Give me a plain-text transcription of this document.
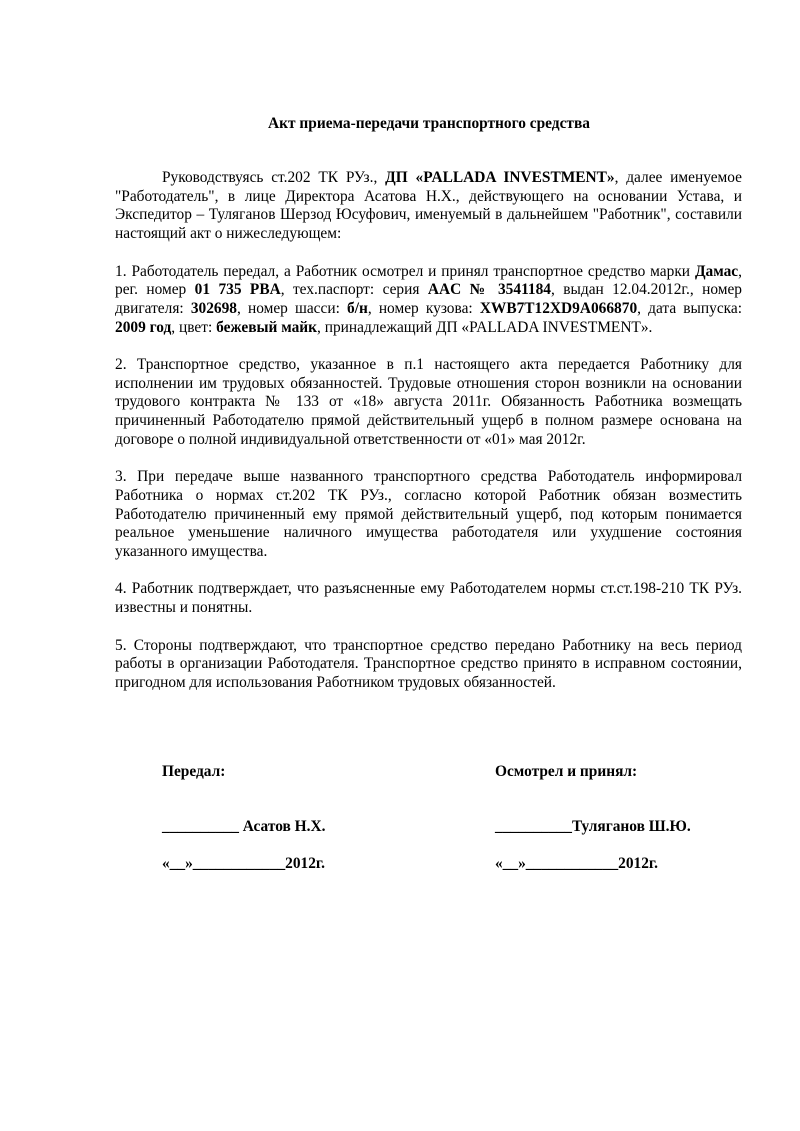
Акт приема-передачи транспортного средства

Руководствуясь ст.202 ТК РУз., ДП «PALLADA INVESTMENT», далее именуемое "Работодатель", в лице Директора Асатова Н.Х., действующего на основании Устава, и Экспедитор – Туляганов Шерзод Юсуфович, именуемый в дальнейшем "Работник", составили настоящий акт о нижеследующем:

1. Работодатель передал, а Работник осмотрел и принял транспортное средство марки Дамас, рег. номер 01 735 PBA, тех.паспорт: серия AAC № 3541184, выдан 12.04.2012г., номер двигателя: 302698, номер шасси: б/н, номер кузова: XWB7T12XD9A066870, дата выпуска: 2009 год, цвет: бежевый майк, принадлежащий ДП «PALLADA INVESTMENT».

2. Транспортное средство, указанное в п.1 настоящего акта передается Работнику для исполнении им трудовых обязанностей. Трудовые отношения сторон возникли на основании трудового контракта № 133 от «18» августа 2011г. Обязанность Работника возмещать причиненный Работодателю прямой действительный ущерб в полном размере основана на договоре о полной индивидуальной ответственности от «01» мая 2012г.

3. При передаче выше названного транспортного средства Работодатель информировал Работника о нормах ст.202 ТК РУз., согласно которой Работник обязан возместить Работодателю причиненный ему прямой действительный ущерб, под которым понимается реальное уменьшение наличного имущества работодателя или ухудшение состояния указанного имущества.

4. Работник подтверждает, что разъясненные ему Работодателем нормы ст.ст.198-210 ТК РУз. известны и понятны.

5. Стороны подтверждают, что транспортное средство передано Работнику на весь период работы в организации Работодателя. Транспортное средство принято в исправном состоянии, пригодном для использования Работником трудовых обязанностей.

Передал:
__________ Асатов Н.Х.
«__»____________2012г.
Осмотрел и принял:
__________Туляганов Ш.Ю.
«__»____________2012г.
